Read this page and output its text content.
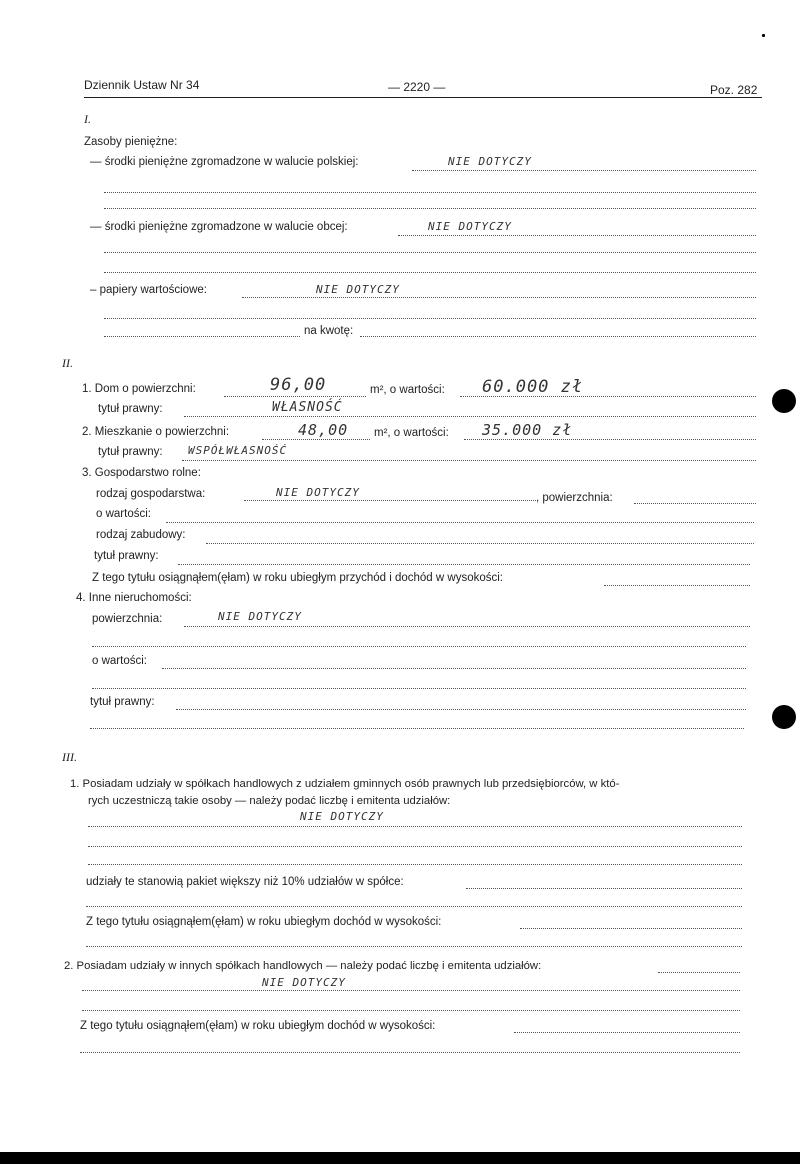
Dziennik Ustaw Nr 34	— 2220 —	Poz. 282
I.
Zasoby pieniężne:
— środki pieniężne zgromadzone w walucie polskiej:	NIE DOTYCZY
— środki pieniężne zgromadzone w walucie obcej:	NIE DOTYCZY
– papiery wartościowe:	NIE DOTYCZY
na kwotę:
II.
1. Dom o powierzchni:	96,00	m², o wartości: 60.000 zł
tytuł prawny:	WŁASNOŚĆ
2. Mieszkanie o powierzchni:	48,00 m², o wartości: 35.000 zł
tytuł prawny: WSPÓŁWŁASNOŚĆ
3. Gospodarstwo rolne:
rodzaj gospodarstwa:	NIE DOTYCZY	, powierzchnia:
o wartości:
rodzaj zabudowy:
tytuł prawny:
Z tego tytułu osiągnąłem(ęłam) w roku ubiegłym przychód i dochód w wysokości:
4. Inne nieruchomości:
powierzchnia:	NIE DOTYCZY
o wartości:
tytuł prawny:
III.
1. Posiadam udziały w spółkach handlowych z udziałem gminnych osób prawnych lub przedsiębiorców, w któ-
rych uczestniczą takie osoby — należy podać liczbę i emitenta udziałów:
NIE DOTYCZY
udziały te stanowią pakiet większy niż 10% udziałów w spółce:
Z tego tytułu osiągnąłem(ęłam) w roku ubiegłym dochód w wysokości:
2. Posiadam udziały w innych spółkach handlowych — należy podać liczbę i emitenta udziałów:
NIE DOTYCZY
Z tego tytułu osiągnąłem(ęłam) w roku ubiegłym dochód w wysokości:
